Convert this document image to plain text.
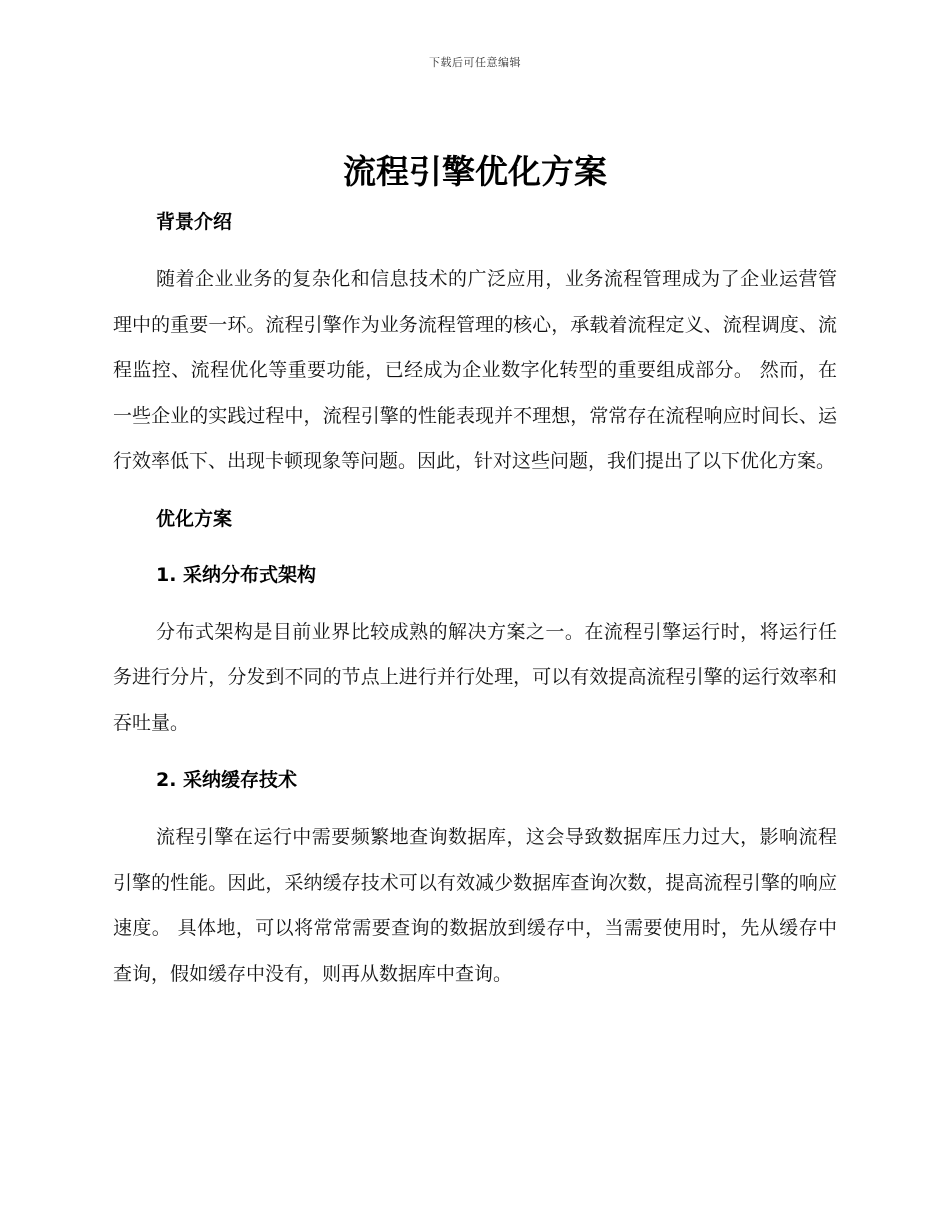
下载后可任意编辑
流程引擎优化方案
背景介绍

随着企业业务的复杂化和信息技术的广泛应用，业务流程管理成为了企业运营管理中的重要一环。流程引擎作为业务流程管理的核心，承载着流程定义、流程调度、流程监控、流程优化等重要功能，已经成为企业数字化转型的重要组成部分。 然而，在一些企业的实践过程中，流程引擎的性能表现并不理想，常常存在流程响应时间长、运行效率低下、出现卡顿现象等问题。因此，针对这些问题，我们提出了以下优化方案。

优化方案
1. 采纳分布式架构

分布式架构是目前业界比较成熟的解决方案之一。在流程引擎运行时，将运行任务进行分片，分发到不同的节点上进行并行处理，可以有效提高流程引擎的运行效率和吞吐量。

2. 采纳缓存技术

流程引擎在运行中需要频繁地查询数据库，这会导致数据库压力过大，影响流程引擎的性能。因此，采纳缓存技术可以有效减少数据库查询次数，提高流程引擎的响应速度。 具体地，可以将常常需要查询的数据放到缓存中，当需要使用时，先从缓存中查询，假如缓存中没有，则再从数据库中查询。
